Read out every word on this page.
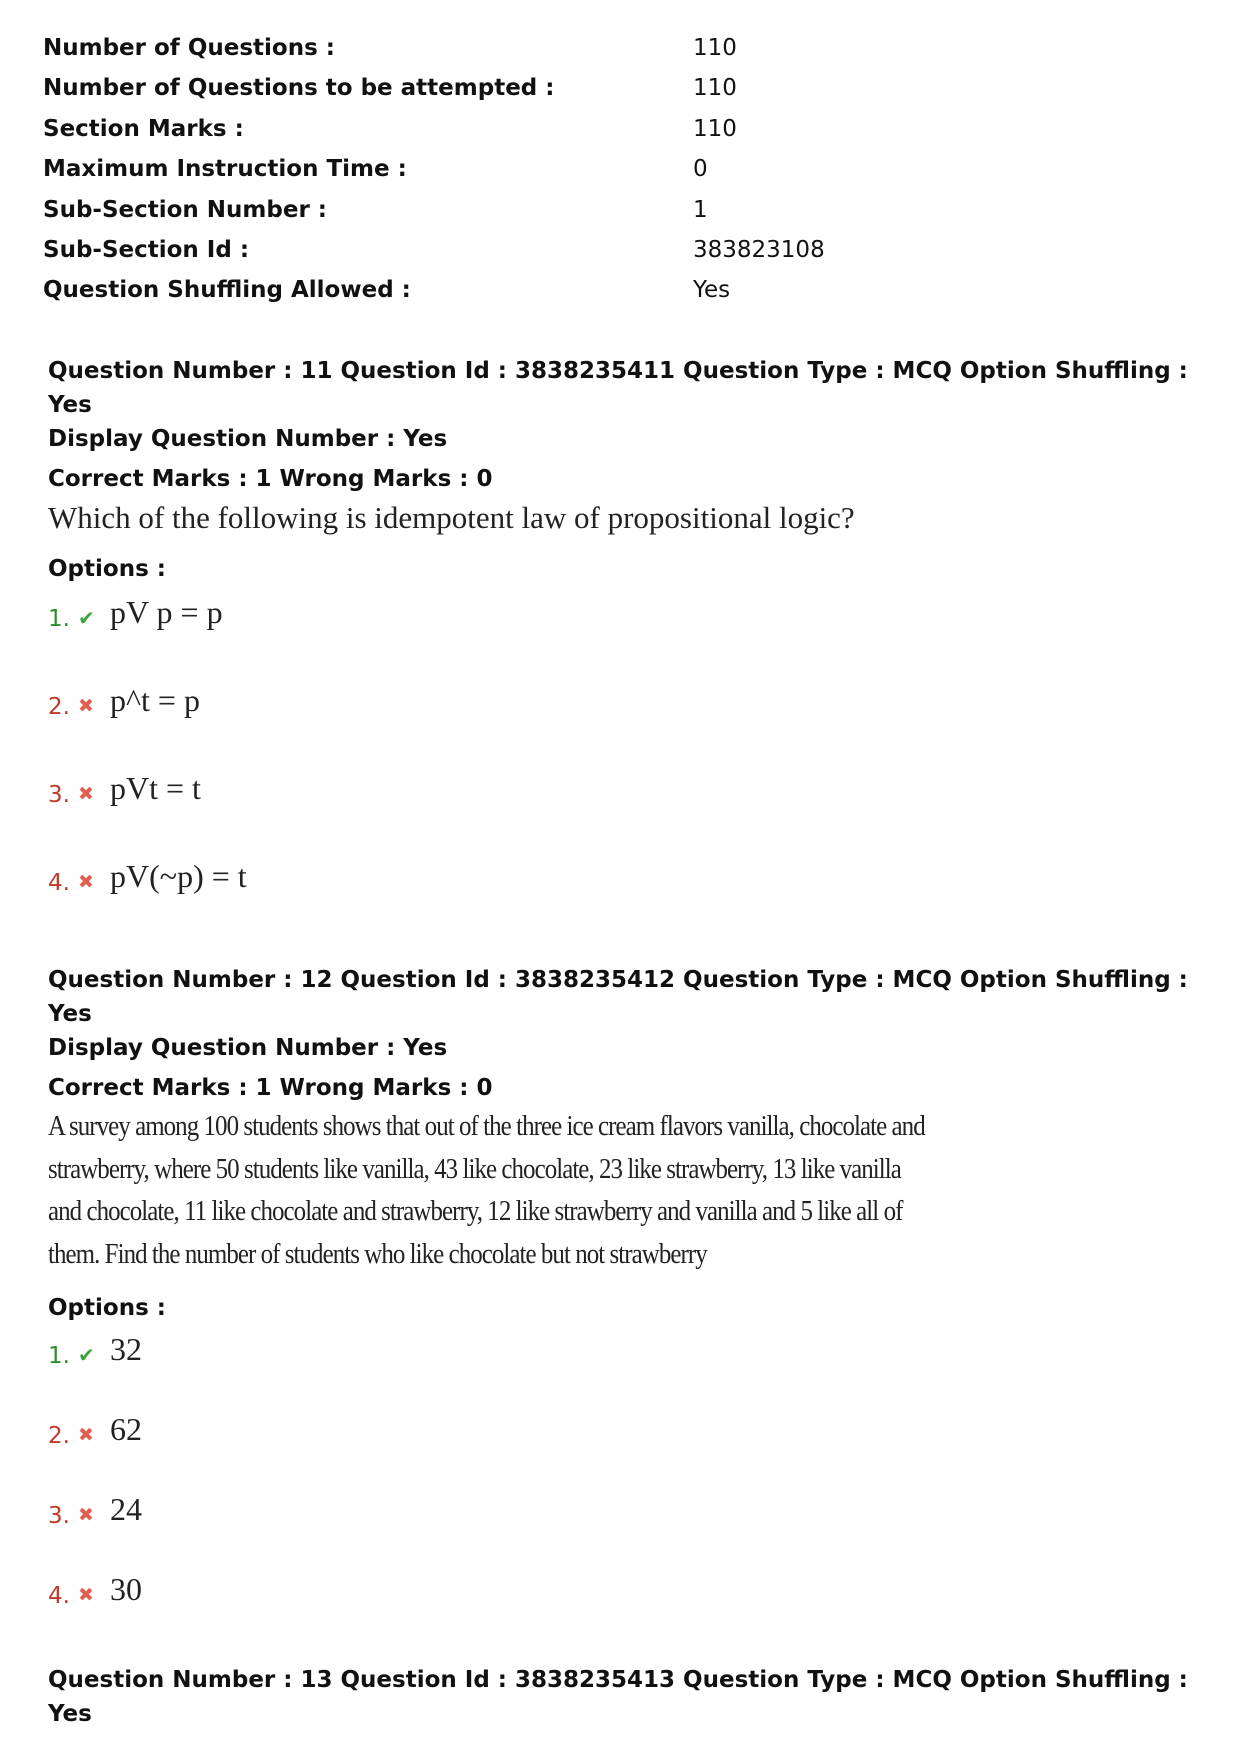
Number of Questions :	110
Number of Questions to be attempted :	110
Section Marks :	110
Maximum Instruction Time :	0
Sub-Section Number :	1
Sub-Section Id :	383823108
Question Shuffling Allowed :	Yes
Question Number : 11 Question Id : 3838235411 Question Type : MCQ Option Shuffling : Yes
Display Question Number : Yes
Correct Marks : 1 Wrong Marks : 0
Which of the following is idempotent law of propositional logic?
Options :
1. ✔ pV p = p
2. ✖ p^t = p
3. ✖ pVt = t
4. ✖ pV(~p) = t
Question Number : 12 Question Id : 3838235412 Question Type : MCQ Option Shuffling : Yes
Display Question Number : Yes
Correct Marks : 1 Wrong Marks : 0
A survey among 100 students shows that out of the three ice cream flavors vanilla, chocolate and
strawberry, where 50 students like vanilla, 43 like chocolate, 23 like strawberry, 13 like vanilla
and chocolate, 11 like chocolate and strawberry, 12 like strawberry and vanilla and 5 like all of
them. Find the number of students who like chocolate but not strawberry
Options :
1. ✔ 32
2. ✖ 62
3. ✖ 24
4. ✖ 30
Question Number : 13 Question Id : 3838235413 Question Type : MCQ Option Shuffling : Yes
